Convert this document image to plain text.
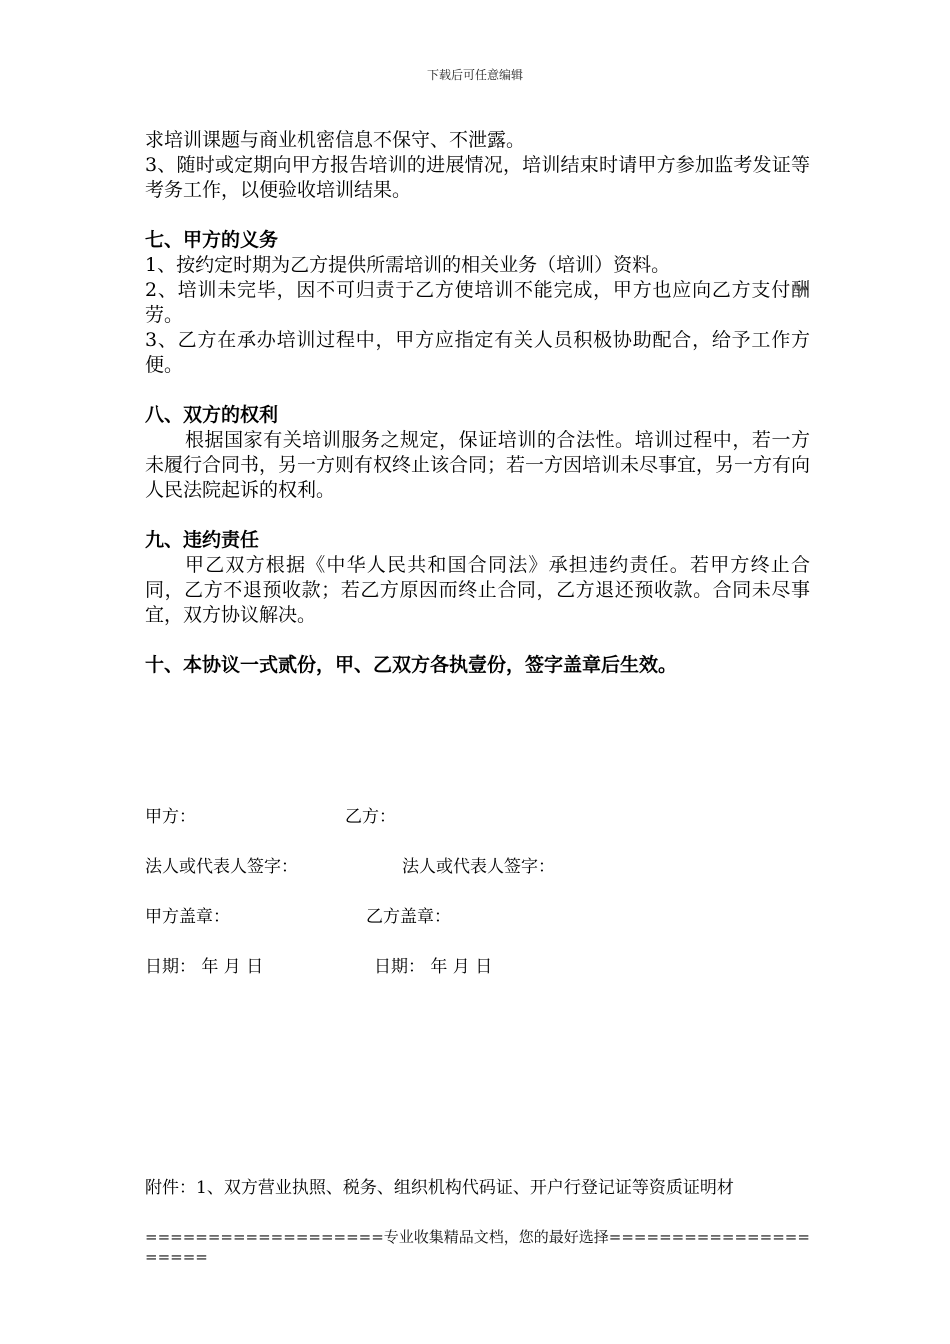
下载后可任意编辑

求培训课题与商业机密信息不保守、不泄露。

3、随时或定期向甲方报告培训的进展情况，培训结束时请甲方参加监考发证等考务工作，以便验收培训结果。

七、甲方的义务

1、按约定时期为乙方提供所需培训的相关业务（培训）资料。

2、培训未完毕，因不可归责于乙方使培训不能完成，甲方也应向乙方支付酬劳。

3、乙方在承办培训过程中，甲方应指定有关人员积极协助配合，给予工作方便。

八、双方的权利

根据国家有关培训服务之规定，保证培训的合法性。培训过程中，若一方未履行合同书，另一方则有权终止该合同；若一方因培训未尽事宜，另一方有向人民法院起诉的权利。

九、违约责任

甲乙双方根据《中华人民共和国合同法》承担违约责任。若甲方终止合同，乙方不退预收款；若乙方原因而终止合同，乙方退还预收款。合同未尽事宜，双方协议解决。

十、本协议一式贰份，甲、乙双方各执壹份，签字盖章后生效。

甲方：	乙方：
法人或代表人签字：	法人或代表人签字：
甲方盖章：	乙方盖章：
日期： 年 月 日	日期： 年 月 日
附件：1、双方营业执照、税务、组织机构代码证、开户行登记证等资质证明材
===================专业收集精品文档，您的最好选择=====================
